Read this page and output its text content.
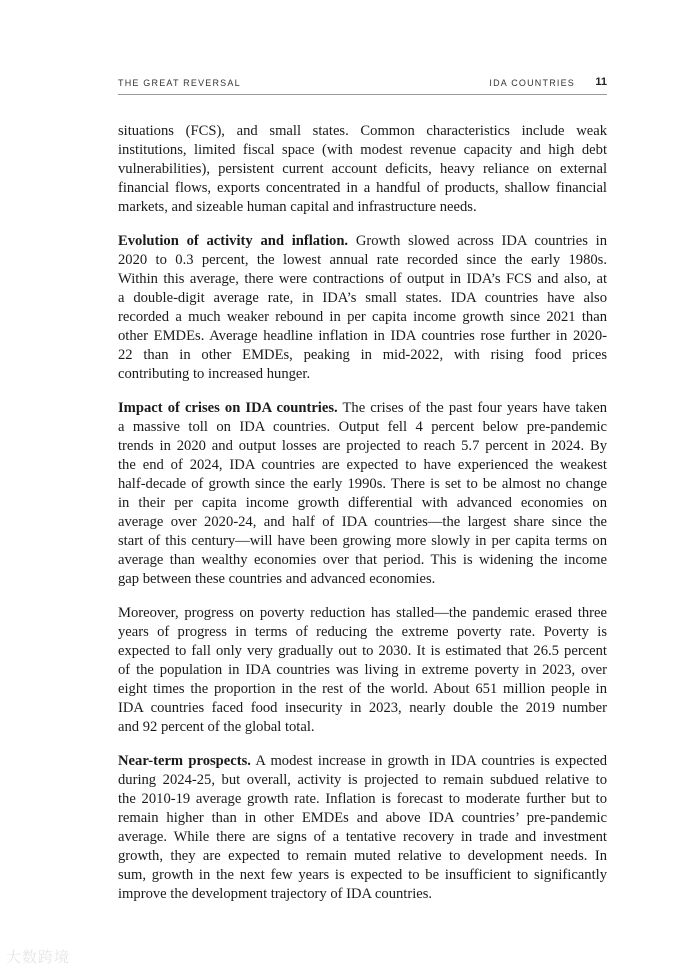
THE GREAT REVERSAL	IDA COUNTRIES 11
situations (FCS), and small states. Common characteristics include weak
institutions, limited fiscal space (with modest revenue capacity and high debt
vulnerabilities), persistent current account deficits, heavy reliance on external
financial flows, exports concentrated in a handful of products, shallow financial
markets, and sizeable human capital and infrastructure needs.
Evolution of activity and inflation. Growth slowed across IDA countries in
2020 to 0.3 percent, the lowest annual rate recorded since the early 1980s.
Within this average, there were contractions of output in IDA’s FCS and also, at
a double-digit average rate, in IDA’s small states. IDA countries have also
recorded a much weaker rebound in per capita income growth since 2021 than
other EMDEs. Average headline inflation in IDA countries rose further in 2020-
22 than in other EMDEs, peaking in mid-2022, with rising food prices
contributing to increased hunger.
Impact of crises on IDA countries. The crises of the past four years have taken
a massive toll on IDA countries. Output fell 4 percent below pre-pandemic
trends in 2020 and output losses are projected to reach 5.7 percent in 2024. By
the end of 2024, IDA countries are expected to have experienced the weakest
half-decade of growth since the early 1990s. There is set to be almost no change
in their per capita income growth differential with advanced economies on
average over 2020-24, and half of IDA countries—the largest share since the
start of this century—will have been growing more slowly in per capita terms on
average than wealthy economies over that period. This is widening the income
gap between these countries and advanced economies.
Moreover, progress on poverty reduction has stalled—the pandemic erased three
years of progress in terms of reducing the extreme poverty rate. Poverty is
expected to fall only very gradually out to 2030. It is estimated that 26.5 percent
of the population in IDA countries was living in extreme poverty in 2023, over
eight times the proportion in the rest of the world. About 651 million people in
IDA countries faced food insecurity in 2023, nearly double the 2019 number
and 92 percent of the global total.
Near-term prospects. A modest increase in growth in IDA countries is expected
during 2024-25, but overall, activity is projected to remain subdued relative to
the 2010-19 average growth rate. Inflation is forecast to moderate further but to
remain higher than in other EMDEs and above IDA countries’ pre-pandemic
average. While there are signs of a tentative recovery in trade and investment
growth, they are expected to remain muted relative to development needs. In
sum, growth in the next few years is expected to be insufficient to significantly
improve the development trajectory of IDA countries.
大数跨境
